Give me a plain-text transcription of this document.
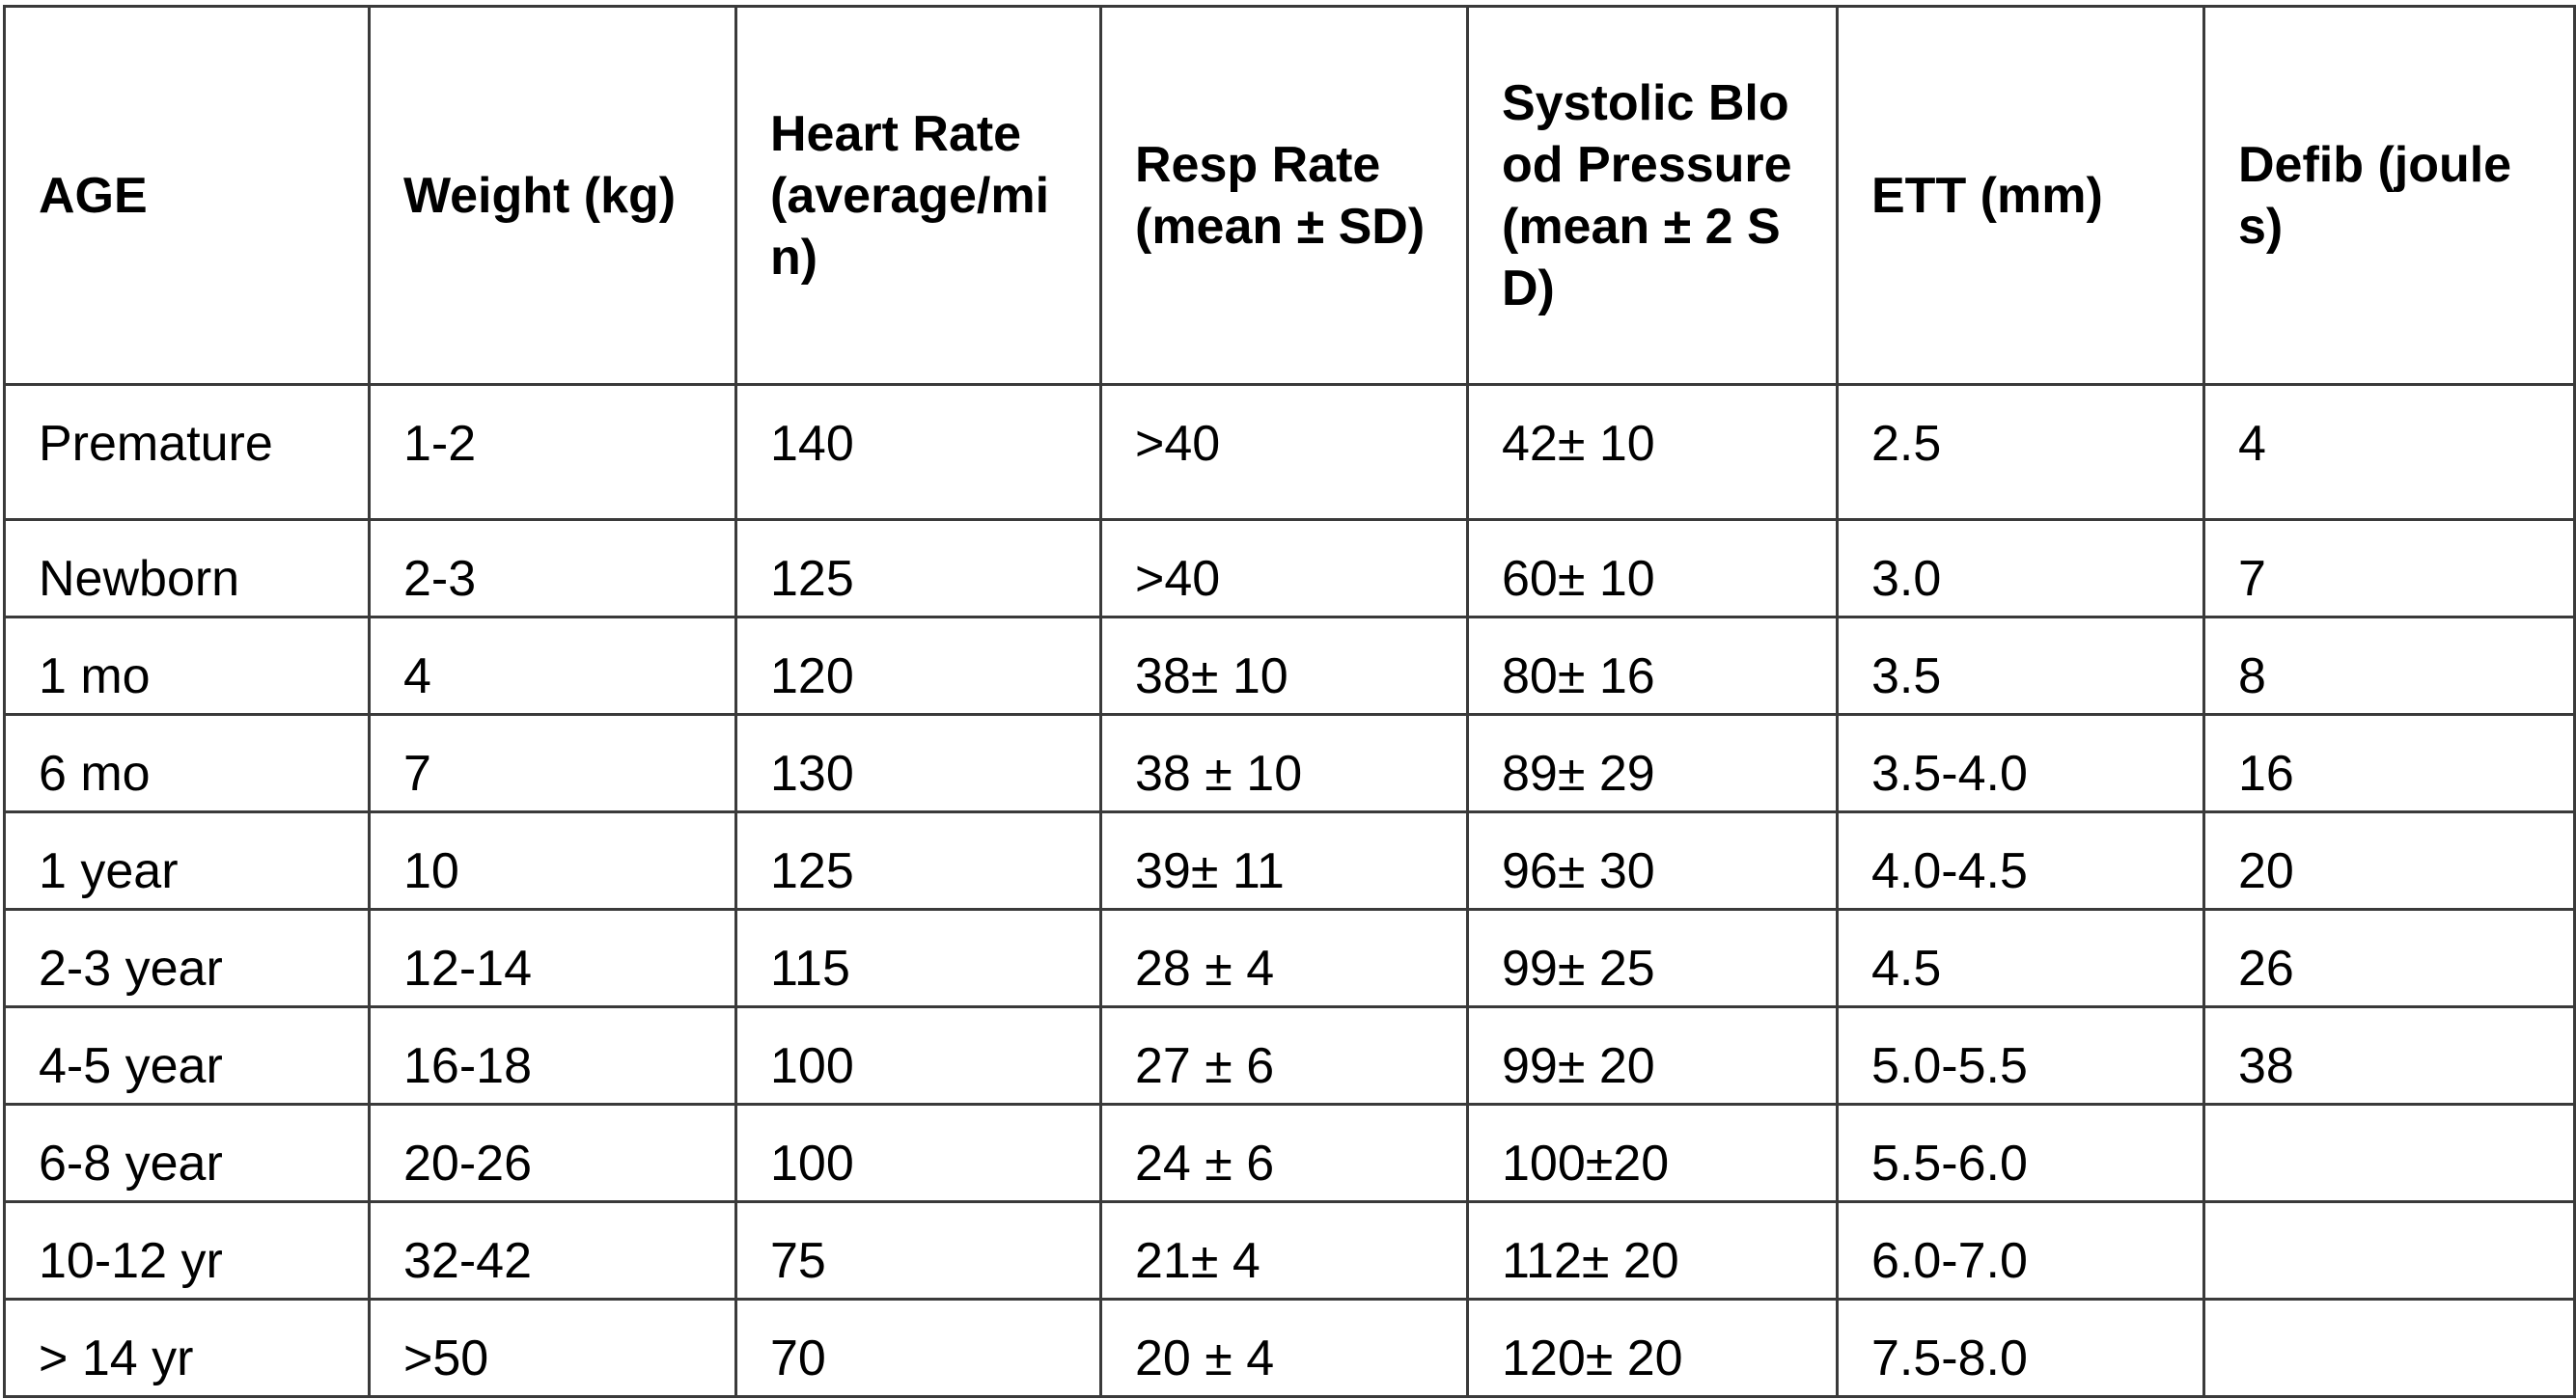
AGE	Weight (kg)	Heart Rate (average/min)	Resp Rate (mean ± SD)	Systolic Blood Pressure (mean ± 2 SD)	ETT (mm)	Defib (joules)
Premature	1-2	140	>40	42± 10	2.5	4
Newborn	2-3	125	>40	60± 10	3.0	7
1 mo	4	120	38± 10	80± 16	3.5	8
6 mo	7	130	38 ± 10	89± 29	3.5-4.0	16
1 year	10	125	39± 11	96± 30	4.0-4.5	20
2-3 year	12-14	115	28 ± 4	99± 25	4.5	26
4-5 year	16-18	100	27 ± 6	99± 20	5.0-5.5	38
6-8 year	20-26	100	24 ± 6	100±20	5.5-6.0	
10-12 yr	32-42	75	21± 4	112± 20	6.0-7.0	
> 14 yr	>50	70	20 ± 4	120± 20	7.5-8.0	
